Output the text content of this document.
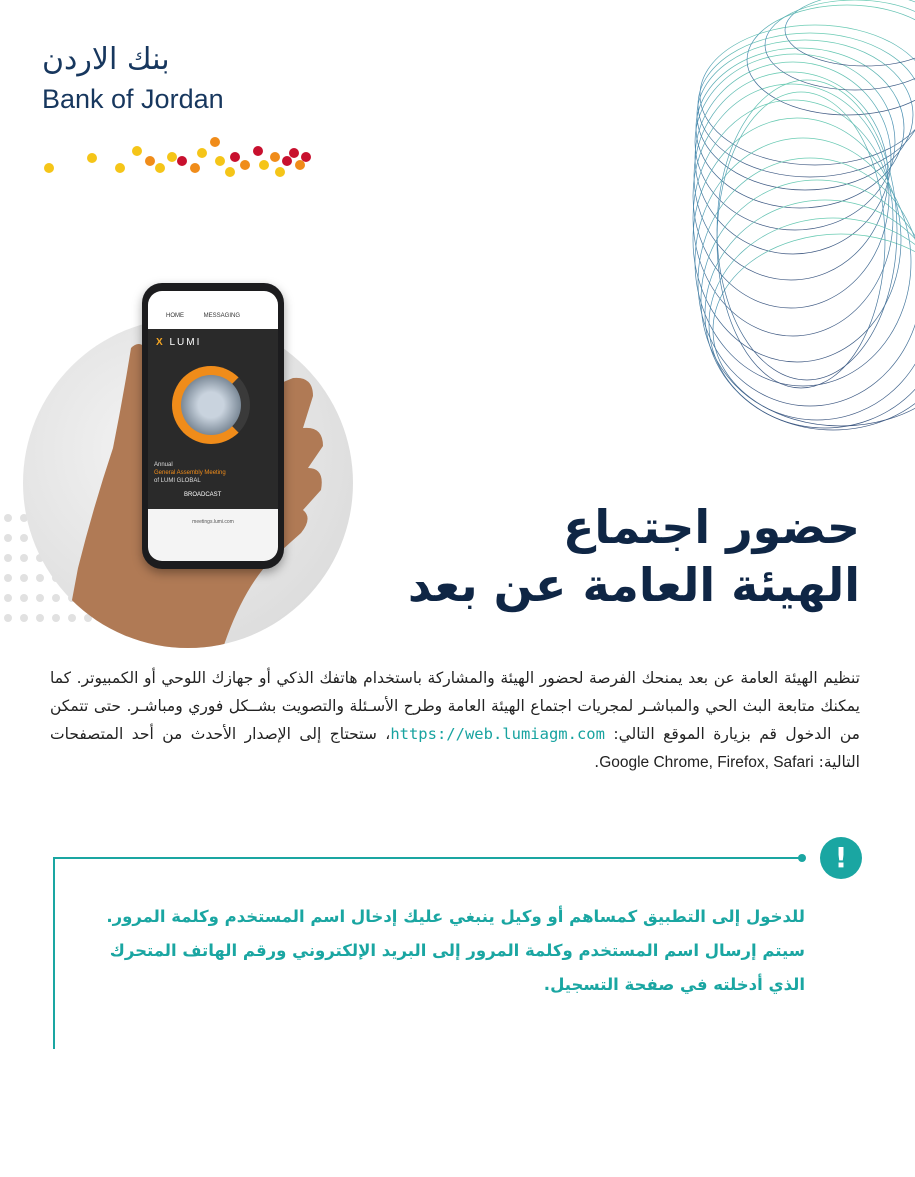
بنك الاردن
Bank of Jordan
HOME	MESSAGING
X LUMI
Annual
General Assembly Meeting
of LUMI GLOBAL
BROADCAST
meetings.lumi.com	حضور اجتماع
الهيئة العامة عن بعد
تنظيم الهيئة العامة عن بعد يمنحك الفرصة لحضور الهيئة والمشاركة باستخدام هاتفك الذكي أو جهازك اللوحي أو الكمبيوتر. كما يمكنك متابعة البث الحي والمباشـر لمجريات اجتماع الهيئة العامة وطرح الأسـئلة والتصويت بشــكل فوري ومباشـر. حتى تتمكن من الدخول قم بزيارة الموقع التالي: https://web.lumiagm.com، ستحتاج إلى الإصدار الأحدث من أحد المتصفحات التالية: Google Chrome, Firefox, Safari.
!
للدخول إلى التطبيق كمساهم أو وكيل ينبغي عليك إدخال اسم المستخدم وكلمة المرور.
سيتم إرسال اسم المستخدم وكلمة المرور إلى البريد الإلكتروني ورقم الهاتف المتحرك الذي أدخلته في صفحة التسجيل.
